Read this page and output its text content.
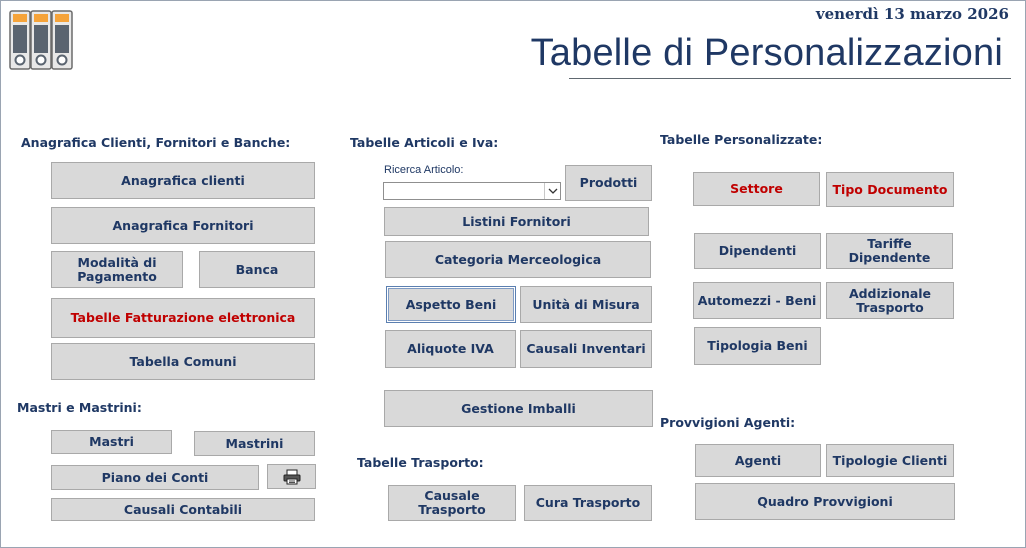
venerdì 13 marzo 2026
Tabelle di Personalizzazioni
Anagrafica Clienti, Fornitori e Banche:
Anagrafica clienti
Anagrafica Fornitori
Modalità di Pagamento	Banca
Tabelle Fatturazione elettronica
Tabella Comuni
Mastri e Mastrini:
Mastri	Mastrini
Piano dei Conti
Causali Contabili
Tabelle Articoli e Iva:
Ricerca Articolo:
Prodotti
Listini Fornitori
Categoria Merceologica
Aspetto Beni	Unità di Misura
Aliquote IVA	Causali Inventari
Gestione Imballi
Tabelle Trasporto:
Causale Trasporto	Cura Trasporto
Tabelle Personalizzate:
Settore	Tipo Documento
Dipendenti	Tariffe Dipendente
Automezzi - Beni	Addizionale Trasporto
Tipologia Beni
Provvigioni Agenti:
Agenti	Tipologie Clienti
Quadro Provvigioni
